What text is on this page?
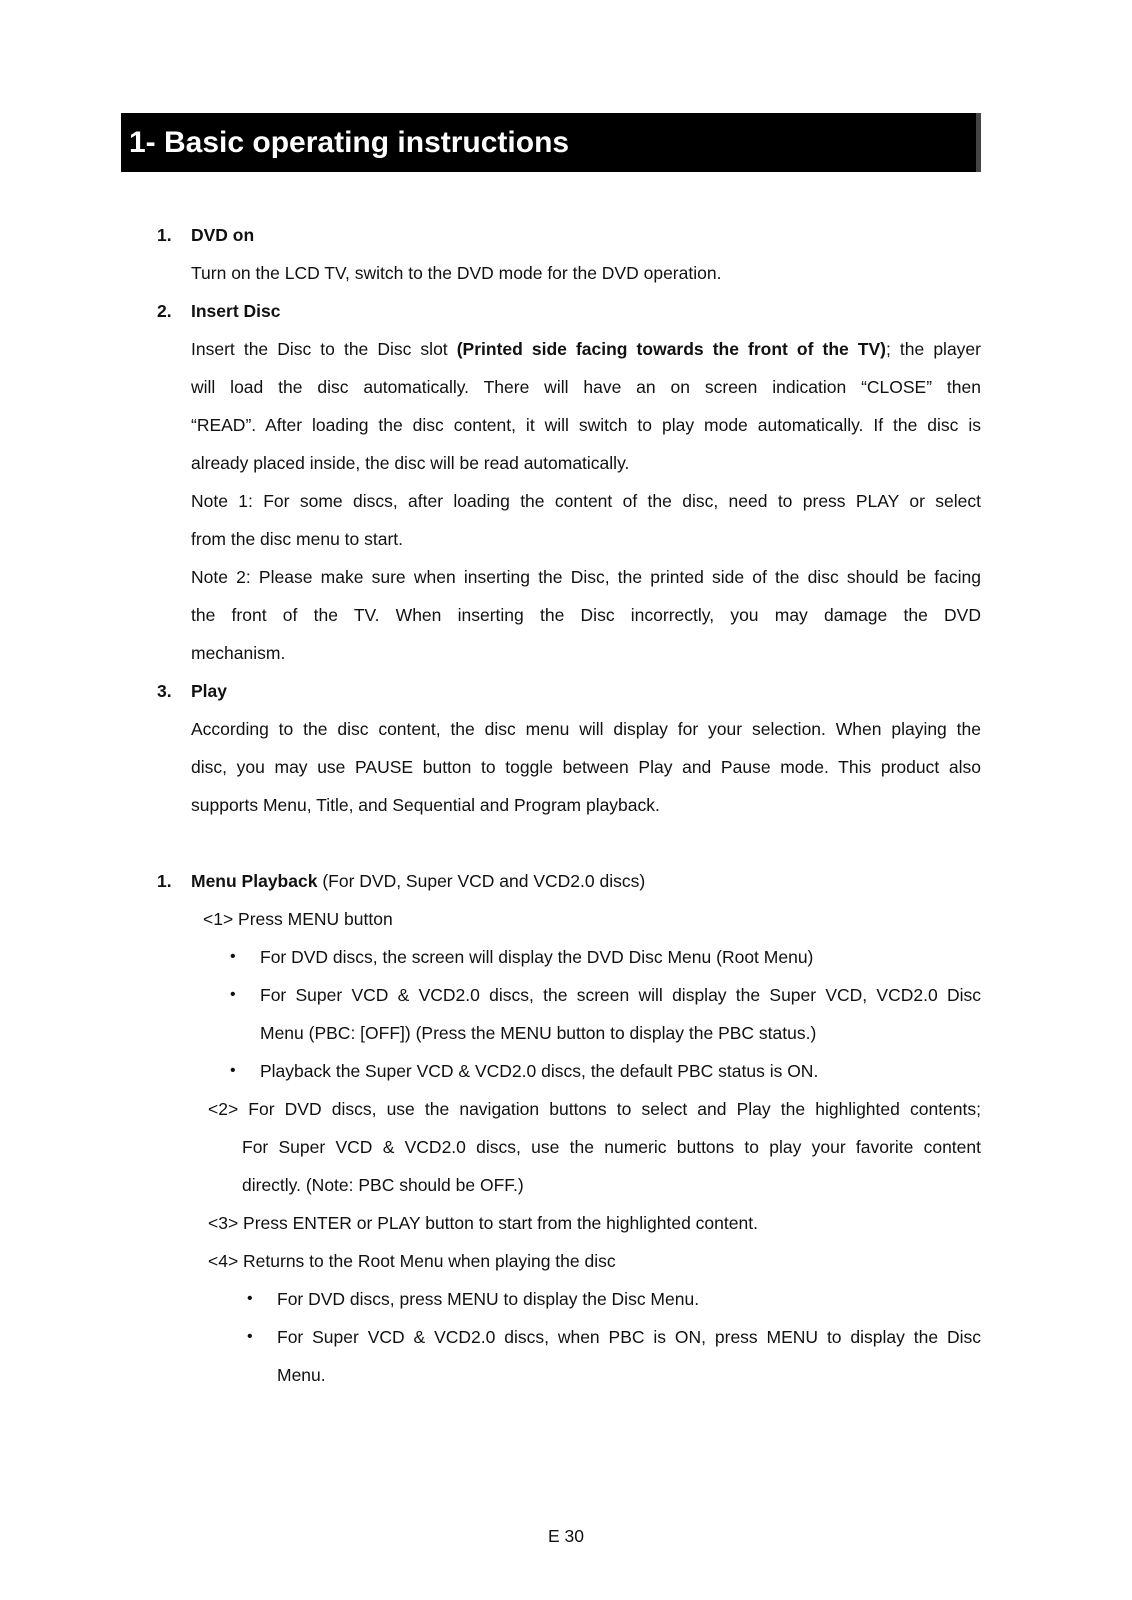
1- Basic operating instructions
1. DVD on
Turn on the LCD TV, switch to the DVD mode for the DVD operation.
2. Insert Disc
Insert the Disc to the Disc slot (Printed side facing towards the front of the TV); the player
will load the disc automatically. There will have an on screen indication “CLOSE” then
“READ”. After loading the disc content, it will switch to play mode automatically. If the disc is
already placed inside, the disc will be read automatically.
Note 1: For some discs, after loading the content of the disc, need to press PLAY or select
from the disc menu to start.
Note 2: Please make sure when inserting the Disc, the printed side of the disc should be facing
the front of the TV. When inserting the Disc incorrectly, you may damage the DVD
mechanism.
3. Play
According to the disc content, the disc menu will display for your selection. When playing the
disc, you may use PAUSE button to toggle between Play and Pause mode. This product also
supports Menu, Title, and Sequential and Program playback.
1. Menu Playback (For DVD, Super VCD and VCD2.0 discs)
<1> Press MENU button
• For DVD discs, the screen will display the DVD Disc Menu (Root Menu)
• For Super VCD & VCD2.0 discs, the screen will display the Super VCD, VCD2.0 Disc
Menu (PBC: [OFF]) (Press the MENU button to display the PBC status.)
• Playback the Super VCD & VCD2.0 discs, the default PBC status is ON.
<2> For DVD discs, use the navigation buttons to select and Play the highlighted contents;
For Super VCD & VCD2.0 discs, use the numeric buttons to play your favorite content
directly. (Note: PBC should be OFF.)
<3> Press ENTER or PLAY button to start from the highlighted content.
<4> Returns to the Root Menu when playing the disc
• For DVD discs, press MENU to display the Disc Menu.
• For Super VCD & VCD2.0 discs, when PBC is ON, press MENU to display the Disc
Menu.
E 30
